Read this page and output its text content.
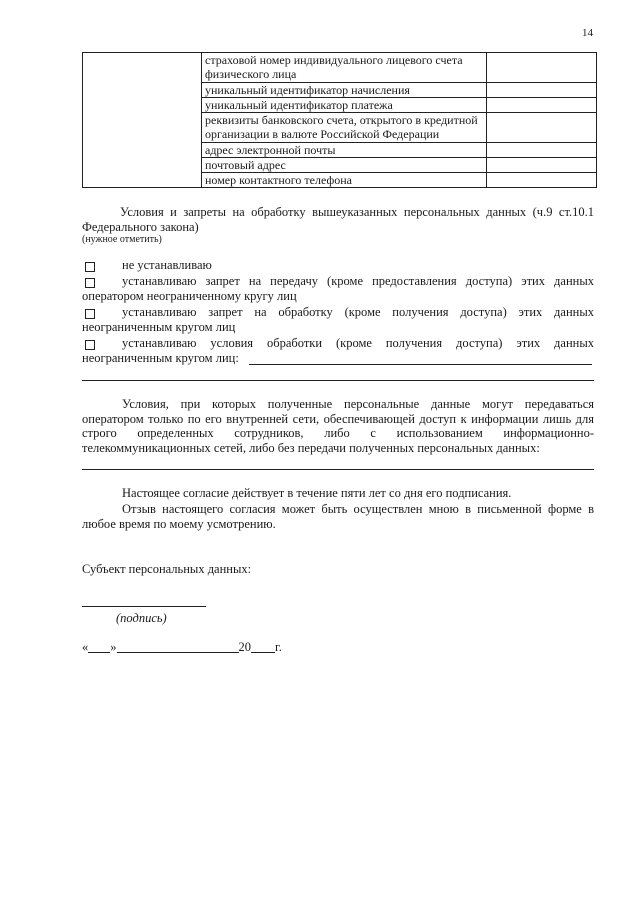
14
	страховой номер индивидуального лицевого счета физического лица	
	уникальный идентификатор начисления	
	уникальный идентификатор платежа	
	реквизиты банковского счета, открытого в кредитной организации в валюте Российской Федерации	
	адрес электронной почты	
	почтовый адрес	
	номер контактного телефона	
Условия и запреты на обработку вышеуказанных персональных данных (ч.9 ст.10.1 Федерального закона)
(нужное отметить)
не устанавливаю
устанавливаю запрет на передачу (кроме предоставления доступа) этих данных оператором неограниченному кругу лиц
устанавливаю запрет на обработку (кроме получения доступа) этих данных неограниченным кругом лиц
устанавливаю условия обработки (кроме получения доступа) этих данных неограниченным кругом лиц:
Условия, при которых полученные персональные данные могут передаваться оператором только по его внутренней сети, обеспечивающей доступ к информации лишь для строго определенных сотрудников, либо с использованием информационно-телекоммуникационных сетей, либо без передачи полученных персональных данных:
Настоящее согласие действует в течение пяти лет со дня его подписания.
Отзыв настоящего согласия может быть осуществлен мною в письменной форме в любое время по моему усмотрению.
Субъект персональных данных:
(подпись)
« »	20 г.
